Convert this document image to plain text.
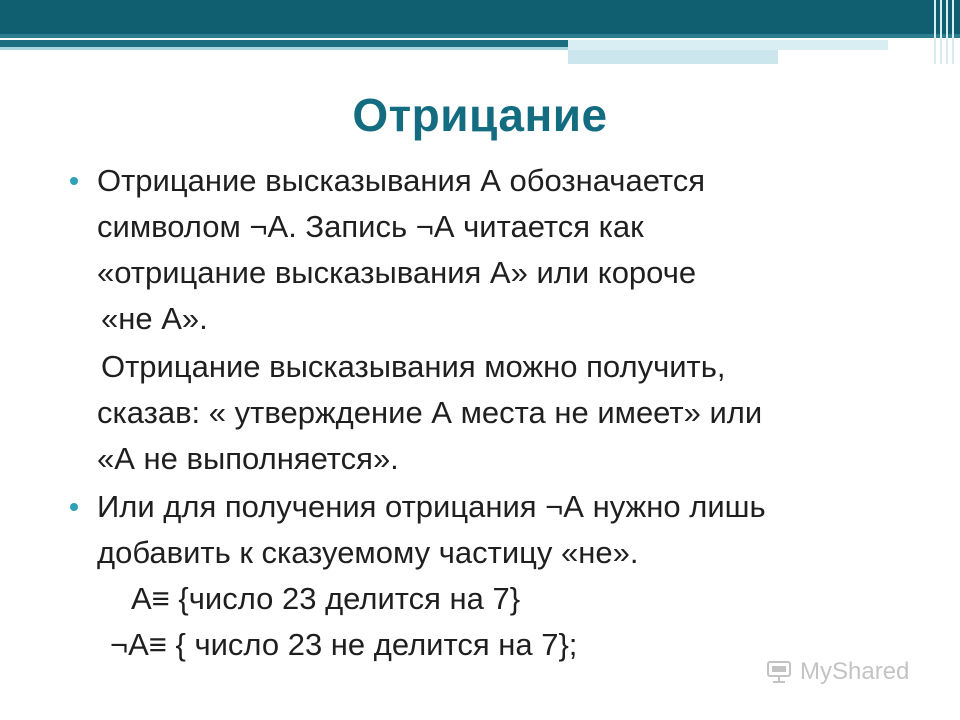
Отрицание
Отрицание высказывания А обозначается
символом ¬А. Запись ¬А читается как
«отрицание высказывания А» или короче
«не А».
Отрицание высказывания можно получить,
сказав: « утверждение А места не имеет» или
«А не выполняется».
Или для получения отрицания ¬А нужно лишь
добавить к сказуемому частицу «не».
А≡ {число 23 делится на 7}
¬А≡ { число 23 не делится на 7};
MyShared
